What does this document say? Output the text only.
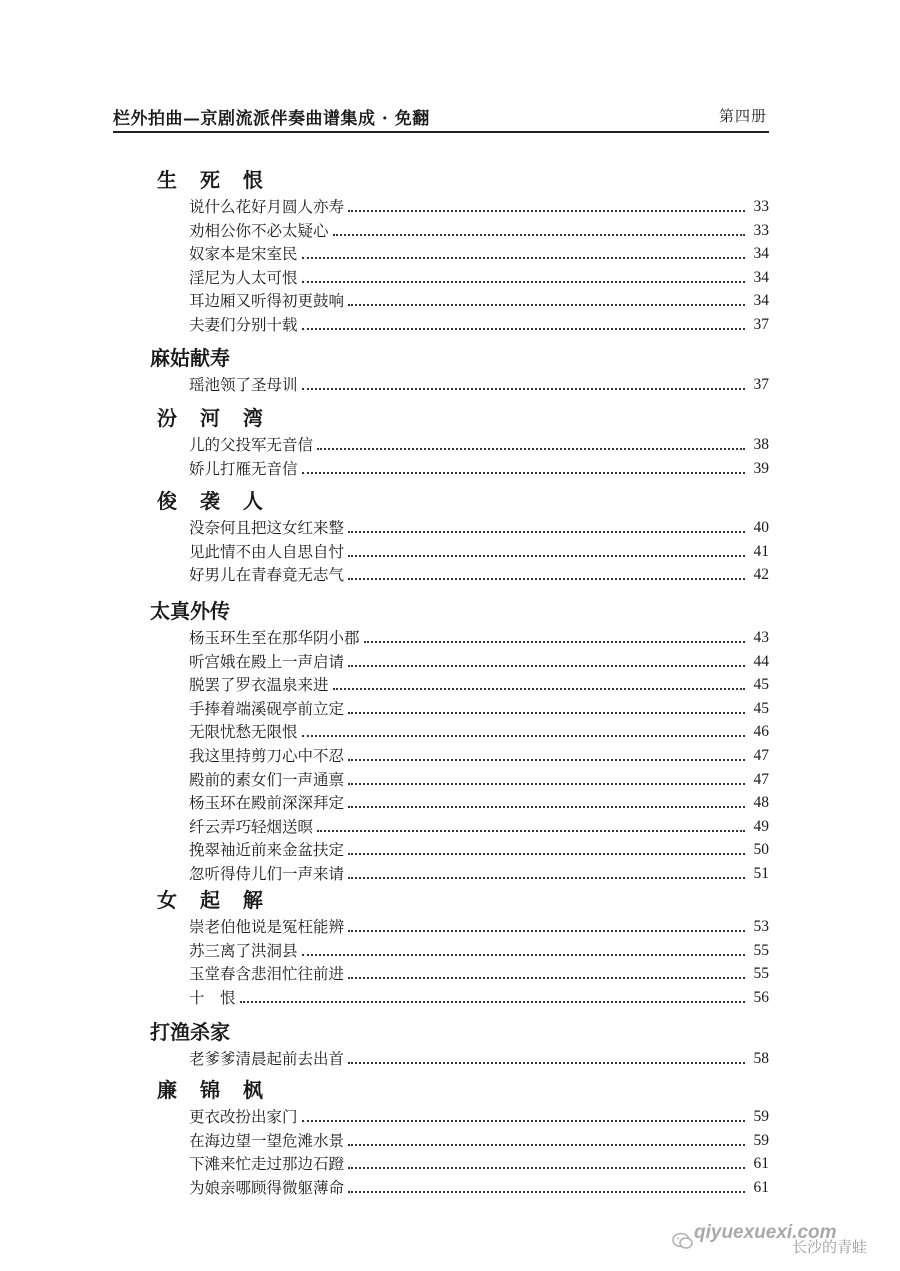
栏外拍曲—京剧流派伴奏曲谱集成 · 免翻	第四册
生 死 恨
说什么花好月圆人亦寿	33
劝相公你不必太疑心	33
奴家本是宋室民	34
淫尼为人太可恨	34
耳边厢又听得初更鼓响	34
夫妻们分别十载	37
麻姑献寿
瑶池领了圣母训	37
汾 河 湾
儿的父投军无音信	38
娇儿打雁无音信	39
俊 袭 人
没奈何且把这女红来整	40
见此情不由人自思自忖	41
好男儿在青春竟无志气	42
太真外传
杨玉环生至在那华阴小郡	43
听宫娥在殿上一声启请	44
脱罢了罗衣温泉来进	45
手捧着端溪砚亭前立定	45
无限忧愁无限恨	46
我这里持剪刀心中不忍	47
殿前的素女们一声通禀	47
杨玉环在殿前深深拜定	48
纤云弄巧轻烟送暝	49
挽翠袖近前来金盆扶定	50
忽听得侍儿们一声来请	51
女 起 解
崇老伯他说是冤枉能辨	53
苏三离了洪洞县	55
玉堂春含悲泪忙往前进	55
十　恨	56
打渔杀家
老爹爹清晨起前去出首	58
廉 锦 枫
更衣改扮出家门	59
在海边望一望危滩水景	59
下滩来忙走过那边石蹬	61
为娘亲哪顾得微躯薄命	61
qiyuexuexi.com
长沙的青蛙
